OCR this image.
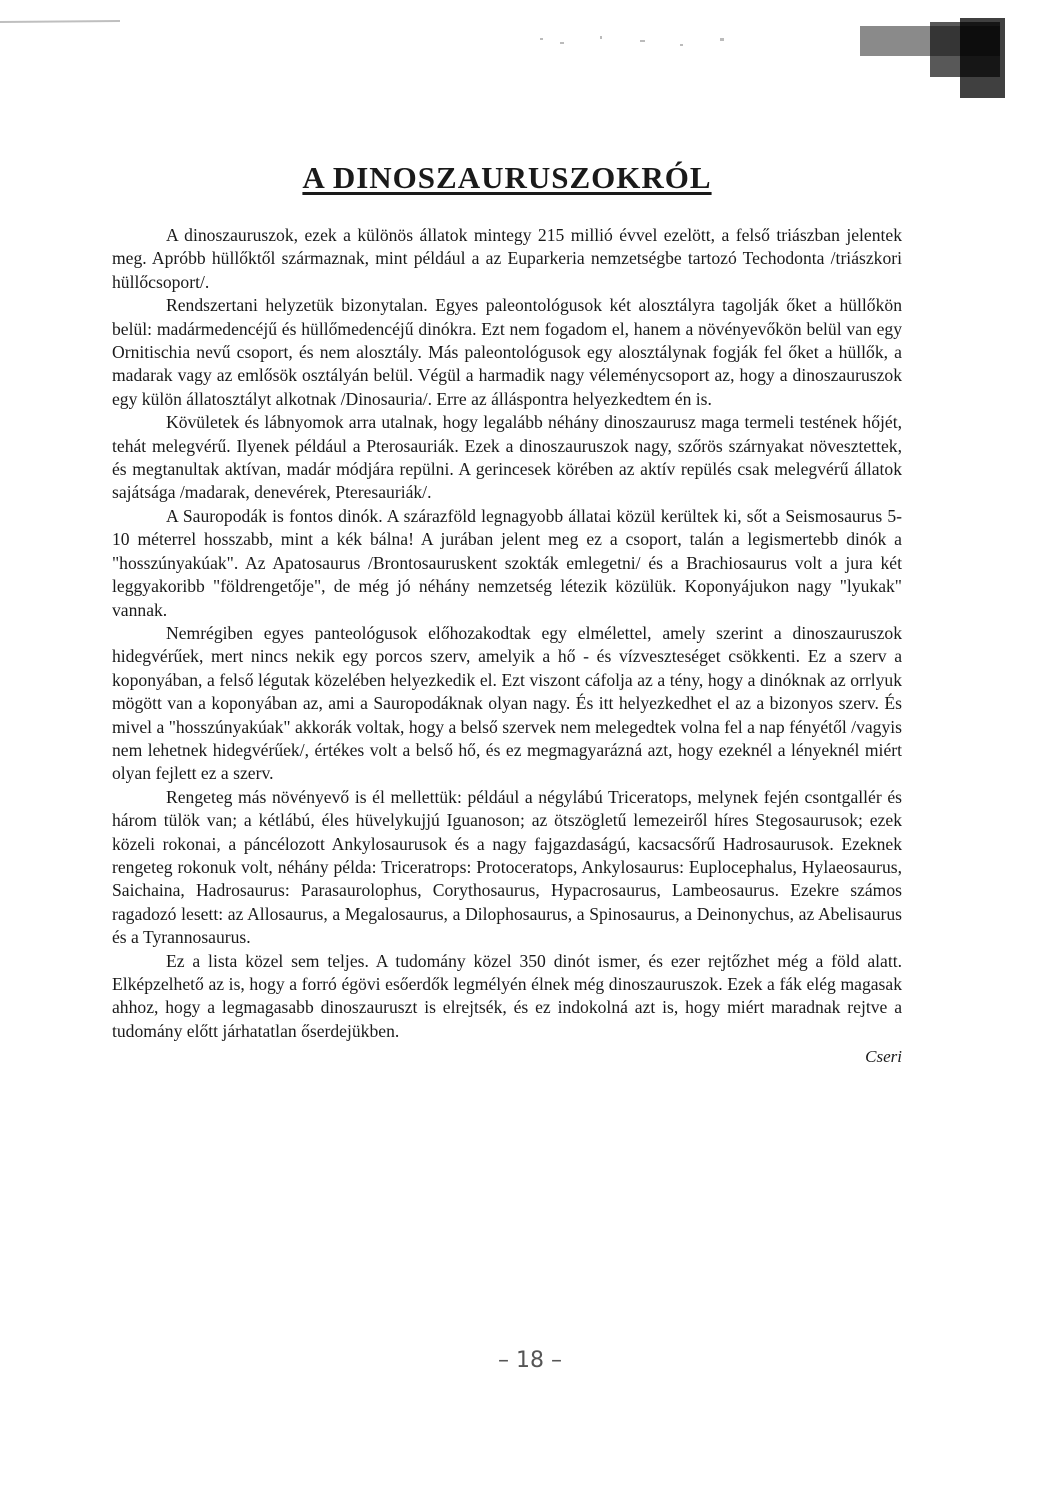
A DINOSZAURUSZOKRÓL

A dinoszauruszok, ezek a különös állatok mintegy 215 millió évvel ezelött, a felső triászban jelentek meg. Apróbb hüllőktől származnak, mint például a az Euparkeria nemzetségbe tartozó Techodonta /triászkori hüllőcsoport/.

Rendszertani helyzetük bizonytalan. Egyes paleontológusok két alosztályra tagolják őket a hüllőkön belül: madármedencéjű és hüllőmedencéjű dinókra. Ezt nem fogadom el, hanem a növényevőkön belül van egy Ornitischia nevű csoport, és nem alosztály. Más paleontológusok egy alosztálynak fogják fel őket a hüllők, a madarak vagy az emlősök osztályán belül. Végül a harmadik nagy véleménycsoport az, hogy a dinoszauruszok egy külön állatosztályt alkotnak /Dinosauria/. Erre az álláspontra helyezkedtem én is.

Kövületek és lábnyomok arra utalnak, hogy legalább néhány dinoszaurusz maga termeli testének hőjét, tehát melegvérű. Ilyenek például a Pterosauriák. Ezek a dinoszauruszok nagy, szőrös szárnyakat növesztettek, és megtanultak aktívan, madár módjára repülni. A gerincesek körében az aktív repülés csak melegvérű állatok sajátsága /madarak, denevérek, Pteresauriák/.

A Sauropodák is fontos dinók. A szárazföld legnagyobb állatai közül kerültek ki, sőt a Seismosaurus 5-10 méterrel hosszabb, mint a kék bálna! A jurában jelent meg ez a csoport, talán a legismertebb dinók a "hosszúnyakúak". Az Apatosaurus /Brontosauruskent szokták emlegetni/ és a Brachiosaurus volt a jura két leggyakoribb "földrengetője", de még jó néhány nemzetség létezik közülük. Koponyájukon nagy "lyukak" vannak.

Nemrégiben egyes panteológusok előhozakodtak egy elmélettel, amely szerint a dinoszauruszok hidegvérűek, mert nincs nekik egy porcos szerv, amelyik a hő - és vízveszteséget csökkenti. Ez a szerv a koponyában, a felső légutak közelében helyezkedik el. Ezt viszont cáfolja az a tény, hogy a dinóknak az orrlyuk mögött van a koponyában az, ami a Sauropodáknak olyan nagy. És itt helyezkedhet el az a bizonyos szerv. És mivel a "hosszúnyakúak" akkorák voltak, hogy a belső szervek nem melegedtek volna fel a nap fényétől /vagyis nem lehetnek hidegvérűek/, értékes volt a belső hő, és ez megmagyarázná azt, hogy ezeknél a lényeknél miért olyan fejlett ez a szerv.

Rengeteg más növényevő is él mellettük: például a négylábú Triceratops, melynek fején csontgallér és három tülök van; a kétlábú, éles hüvelykujjú Iguanoson; az ötszögletű lemezeiről híres Stegosaurusok; ezek közeli rokonai, a páncélozott Ankylosaurusok és a nagy fajgazdaságú, kacsacsőrű Hadrosaurusok. Ezeknek rengeteg rokonuk volt, néhány példa: Triceratrops: Protoceratops, Ankylosaurus: Euplocephalus, Hylaeosaurus, Saichaina, Hadrosaurus: Parasaurolophus, Corythosaurus, Hypacrosaurus, Lambeosaurus. Ezekre számos ragadozó lesett: az Allosaurus, a Megalosaurus, a Dilophosaurus, a Spinosaurus, a Deinonychus, az Abelisaurus és a Tyrannosaurus.

Ez a lista közel sem teljes. A tudomány közel 350 dinót ismer, és ezer rejtőzhet még a föld alatt. Elképzelhető az is, hogy a forró égövi esőerdők legmélyén élnek még dinoszauruszok. Ezek a fák elég magasak ahhoz, hogy a legmagasabb dinoszauruszt is elrejtsék, és ez indokolná azt is, hogy miért maradnak rejtve a tudomány előtt járhatatlan őserdejükben.

Cseri
– 18 –
